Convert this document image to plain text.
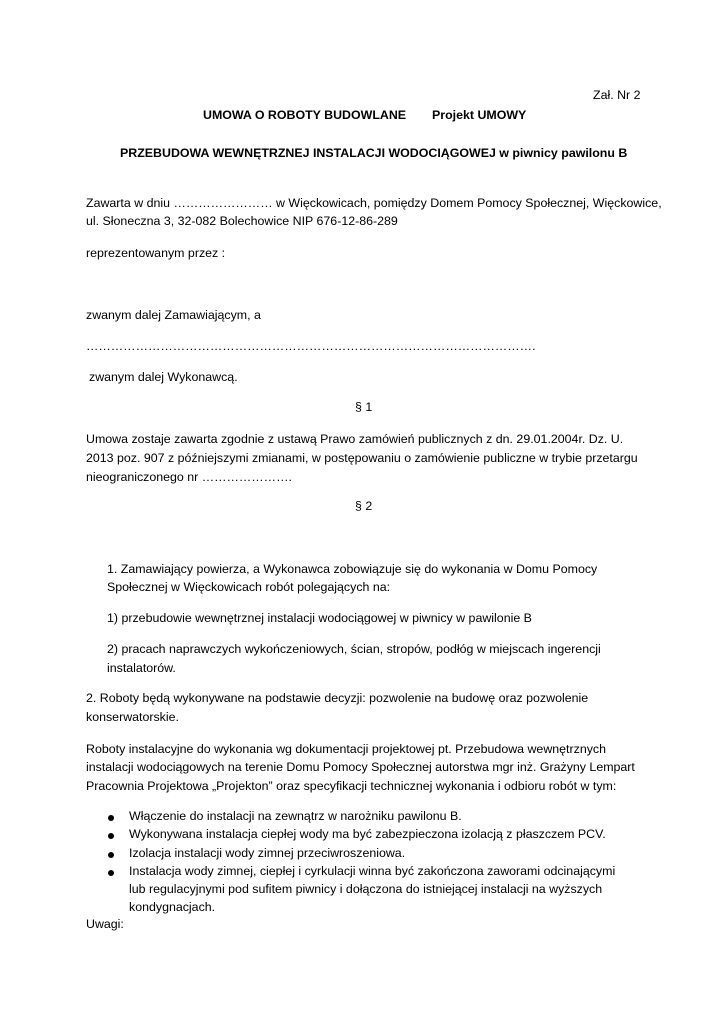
Zał. Nr 2

UMOWA O ROBOTY BUDOWLANE Projekt UMOWY

PRZEBUDOWA WEWNĘTRZNEJ INSTALACJI WODOCIĄGOWEJ w piwnicy pawilonu B

Zawarta w dniu …………………… w Więckowicach, pomiędzy Domem Pomocy Społecznej, Więckowice,

ul. Słoneczna 3, 32-082 Bolechowice NIP 676-12-86-289

reprezentowanym przez :

zwanym dalej Zamawiającym, a

……………………………………………………………………………………………….

zwanym dalej Wykonawcą.

§ 1

Umowa zostaje zawarta zgodnie z ustawą Prawo zamówień publicznych z dn. 29.01.2004r. Dz. U.

2013 poz. 907 z późniejszymi zmianami, w postępowaniu o zamówienie publiczne w trybie przetargu

nieograniczonego nr ………………….

§ 2

1. Zamawiający powierza, a Wykonawca zobowiązuje się do wykonania w Domu Pomocy

Społecznej w Więckowicach robót polegających na:

1) przebudowie wewnętrznej instalacji wodociągowej w piwnicy w pawilonie B

2) pracach naprawczych wykończeniowych, ścian, stropów, podłóg w miejscach ingerencji

instalatorów.

2. Roboty będą wykonywane na podstawie decyzji: pozwolenie na budowę oraz pozwolenie

konserwatorskie.

Roboty instalacyjne do wykonania wg dokumentacji projektowej pt. Przebudowa wewnętrznych

instalacji wodociągowych na terenie Domu Pomocy Społecznej autorstwa mgr inż. Grażyny Lempart

Pracownia Projektowa „Projekton” oraz specyfikacji technicznej wykonania i odbioru robót w tym:

Włączenie do instalacji na zewnątrz w narożniku pawilonu B.

Wykonywana instalacja ciepłej wody ma być zabezpieczona izolacją z płaszczem PCV.

Izolacja instalacji wody zimnej przeciwroszeniowa.

Instalacja wody zimnej, ciepłej i cyrkulacji winna być zakończona zaworami odcinającymi

lub regulacyjnymi pod sufitem piwnicy i dołączona do istniejącej instalacji na wyższych

kondygnacjach.

Uwagi:
